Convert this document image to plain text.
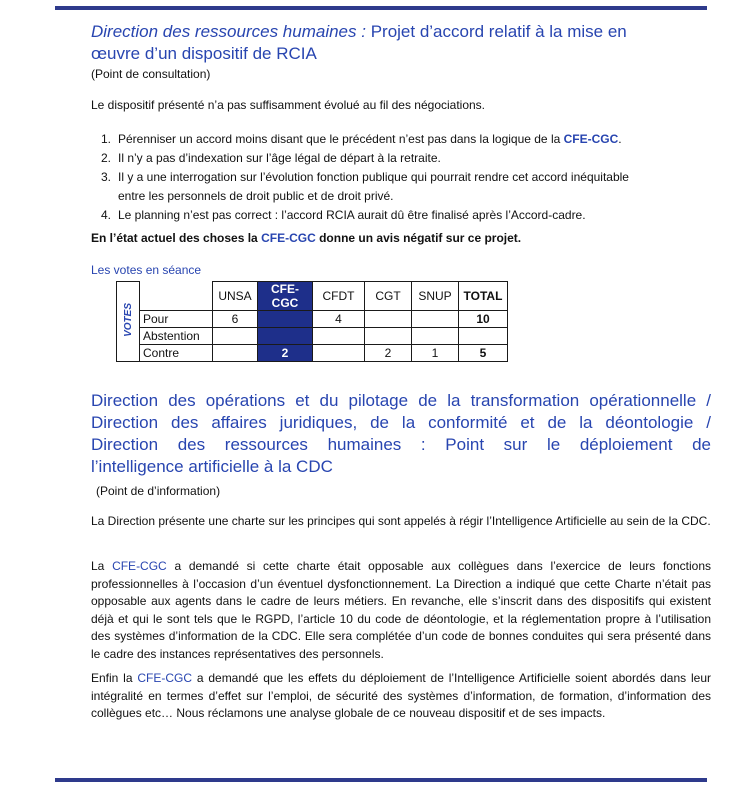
Direction des ressources humaines : Projet d’accord relatif à la mise en
œuvre d’un dispositif de RCIA
(Point de consultation)
Le dispositif présenté n’a pas suffisamment évolué au fil des négociations.
1. Pérenniser un accord moins disant que le précédent n’est pas dans la logique de la CFE-CGC.
2. Il n’y a pas d’indexation sur l’âge légal de départ à la retraite.
3. Il y a une interrogation sur l’évolution fonction publique qui pourrait rendre cet accord inéquitable entre les personnels de droit public et de droit privé.
4. Le planning n’est pas correct : l’accord RCIA aurait dû être finalisé après l’Accord-cadre.
En l’état actuel des choses la CFE-CGC donne un avis négatif sur ce projet.
Les votes en séance
VOTES		UNSA	CFE-CGC	CFDT	CGT	SNUP	TOTAL
	Pour	6		4			10
	Abstention						
	Contre		2		2	1	5
Direction des opérations et du pilotage de la transformation opérationnelle /
Direction des affaires juridiques, de la conformité et de la déontologie /
Direction des ressources humaines : Point sur le déploiement de
l’intelligence artificielle à la CDC
(Point de d’information)
La Direction présente une charte sur les principes qui sont appelés à régir l’Intelligence Artificielle au sein de la CDC.
La CFE-CGC a demandé si cette charte était opposable aux collègues dans l’exercice de leurs fonctions professionnelles à l’occasion d’un éventuel dysfonctionnement. La Direction a indiqué que cette Charte n’était pas opposable aux agents dans le cadre de leurs métiers. En revanche, elle s’inscrit dans des dispositifs qui existent déjà et qui le sont tels que le RGPD, l’article 10 du code de déontologie, et la réglementation propre à l’utilisation des systèmes d’information de la CDC. Elle sera complétée d’un code de bonnes conduites qui sera présenté dans le cadre des instances représentatives des personnels.
Enfin la CFE-CGC a demandé que les effets du déploiement de l’Intelligence Artificielle soient abordés dans leur intégralité en termes d’effet sur l’emploi, de sécurité des systèmes d’information, de formation, d’information des collègues etc… Nous réclamons une analyse globale de ce nouveau dispositif et de ses impacts.
